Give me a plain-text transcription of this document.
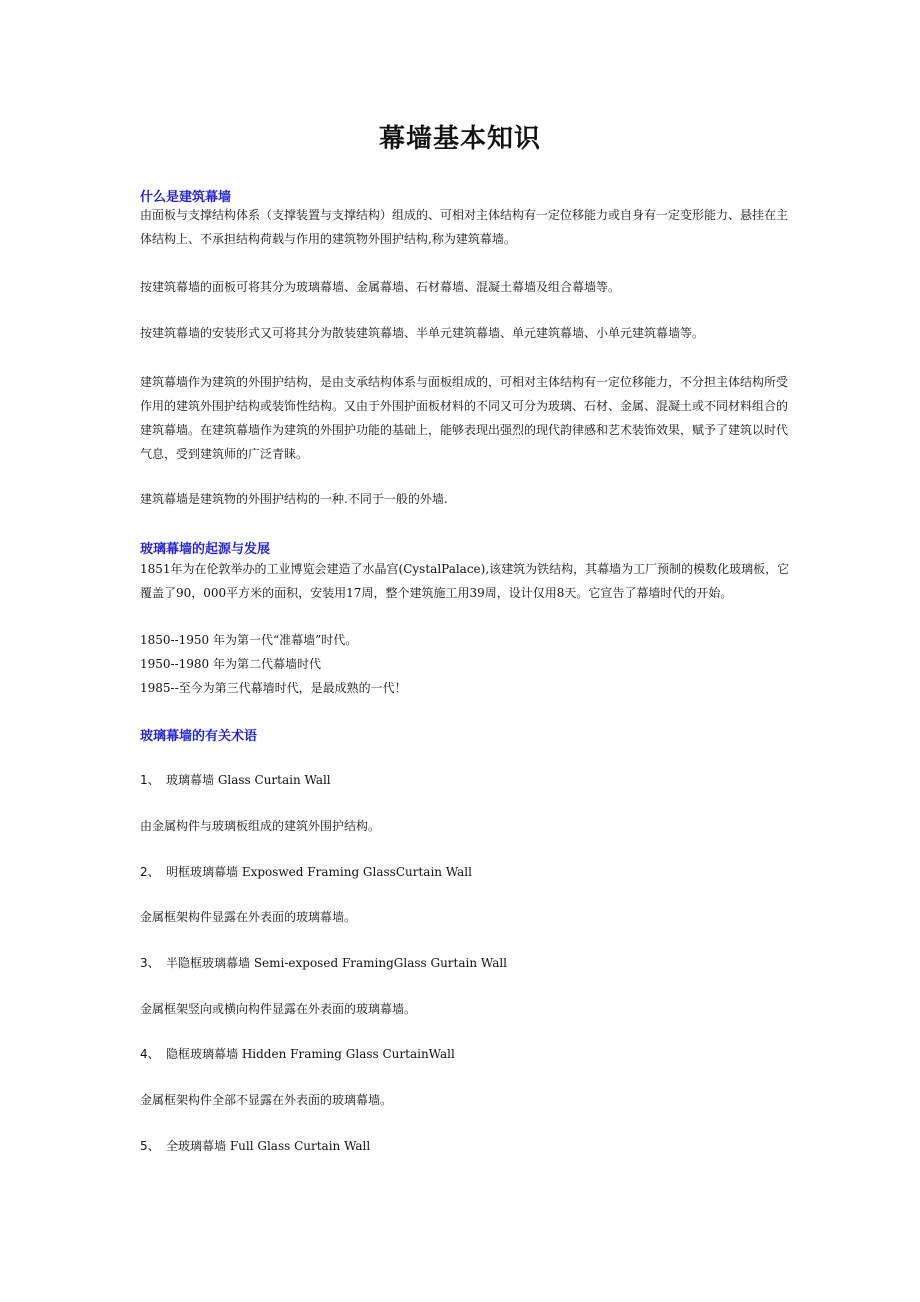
幕墙基本知识
什么是建筑幕墙
由面板与支撑结构体系（支撑装置与支撑结构）组成的、可相对主体结构有一定位移能力或自身有一定变形能力、悬挂在主体结构上、不承担结构荷载与作用的建筑物外围护结构,称为建筑幕墙。
按建筑幕墙的面板可将其分为玻璃幕墙、金属幕墙、石材幕墙、混凝土幕墙及组合幕墙等。
按建筑幕墙的安装形式又可将其分为散装建筑幕墙、半单元建筑幕墙、单元建筑幕墙、小单元建筑幕墙等。
建筑幕墙作为建筑的外围护结构，是由支承结构体系与面板组成的，可相对主体结构有一定位移能力，不分担主体结构所受作用的建筑外围护结构或装饰性结构。又由于外围护面板材料的不同又可分为玻璃、石材、金属、混凝土或不同材料组合的建筑幕墙。在建筑幕墙作为建筑的外围护功能的基础上，能够表现出强烈的现代韵律感和艺术装饰效果，赋予了建筑以时代气息，受到建筑师的广泛青睐。
建筑幕墙是建筑物的外围护结构的一种.不同于一般的外墙.
玻璃幕墙的起源与发展
1851年为在伦敦举办的工业博览会建造了水晶宫(CystalPalace),该建筑为铁结构，其幕墙为工厂预制的模数化玻璃板，它覆盖了90，000平方米的面积，安装用17周，整个建筑施工用39周，设计仅用8天。它宣告了幕墙时代的开始。
1850--1950 年为第一代“准幕墙”时代。
1950--1980 年为第二代幕墙时代
1985--至今为第三代幕墙时代，是最成熟的一代！
玻璃幕墙的有关术语
1、 玻璃幕墙 Glass Curtain Wall
由金属构件与玻璃板组成的建筑外围护结构。
2、 明框玻璃幕墙 Exposwed Framing GlassCurtain Wall
金属框架构件显露在外表面的玻璃幕墙。
3、 半隐框玻璃幕墙 Semi-exposed FramingGlass Gurtain Wall
金属框架竖向或横向构件显露在外表面的玻璃幕墙。
4、 隐框玻璃幕墙 Hidden Framing Glass CurtainWall
金属框架构件全部不显露在外表面的玻璃幕墙。
5、 全玻璃幕墙 Full Glass Curtain Wall
